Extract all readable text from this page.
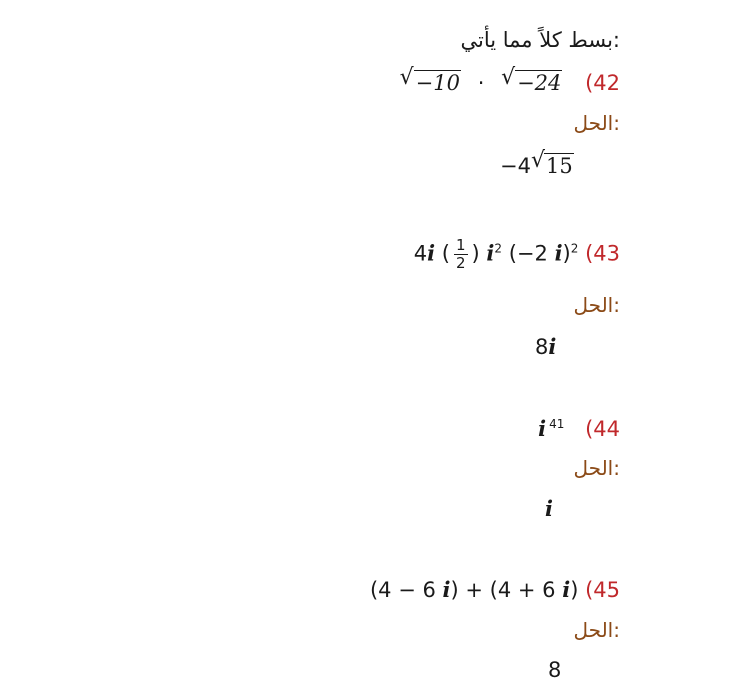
بسط كلاً مما يأتي:
√ −10 · √ −24 (42
الحل:
−4 √ 15
4i ( $\frac{1}{2}$ ) $i^2$ (−2 i)$^2$ (43
الحل:
8i
i $^{41}$ (44
الحل:
i
(4 − 6 i) + (4 + 6 i) (45
الحل:
8
